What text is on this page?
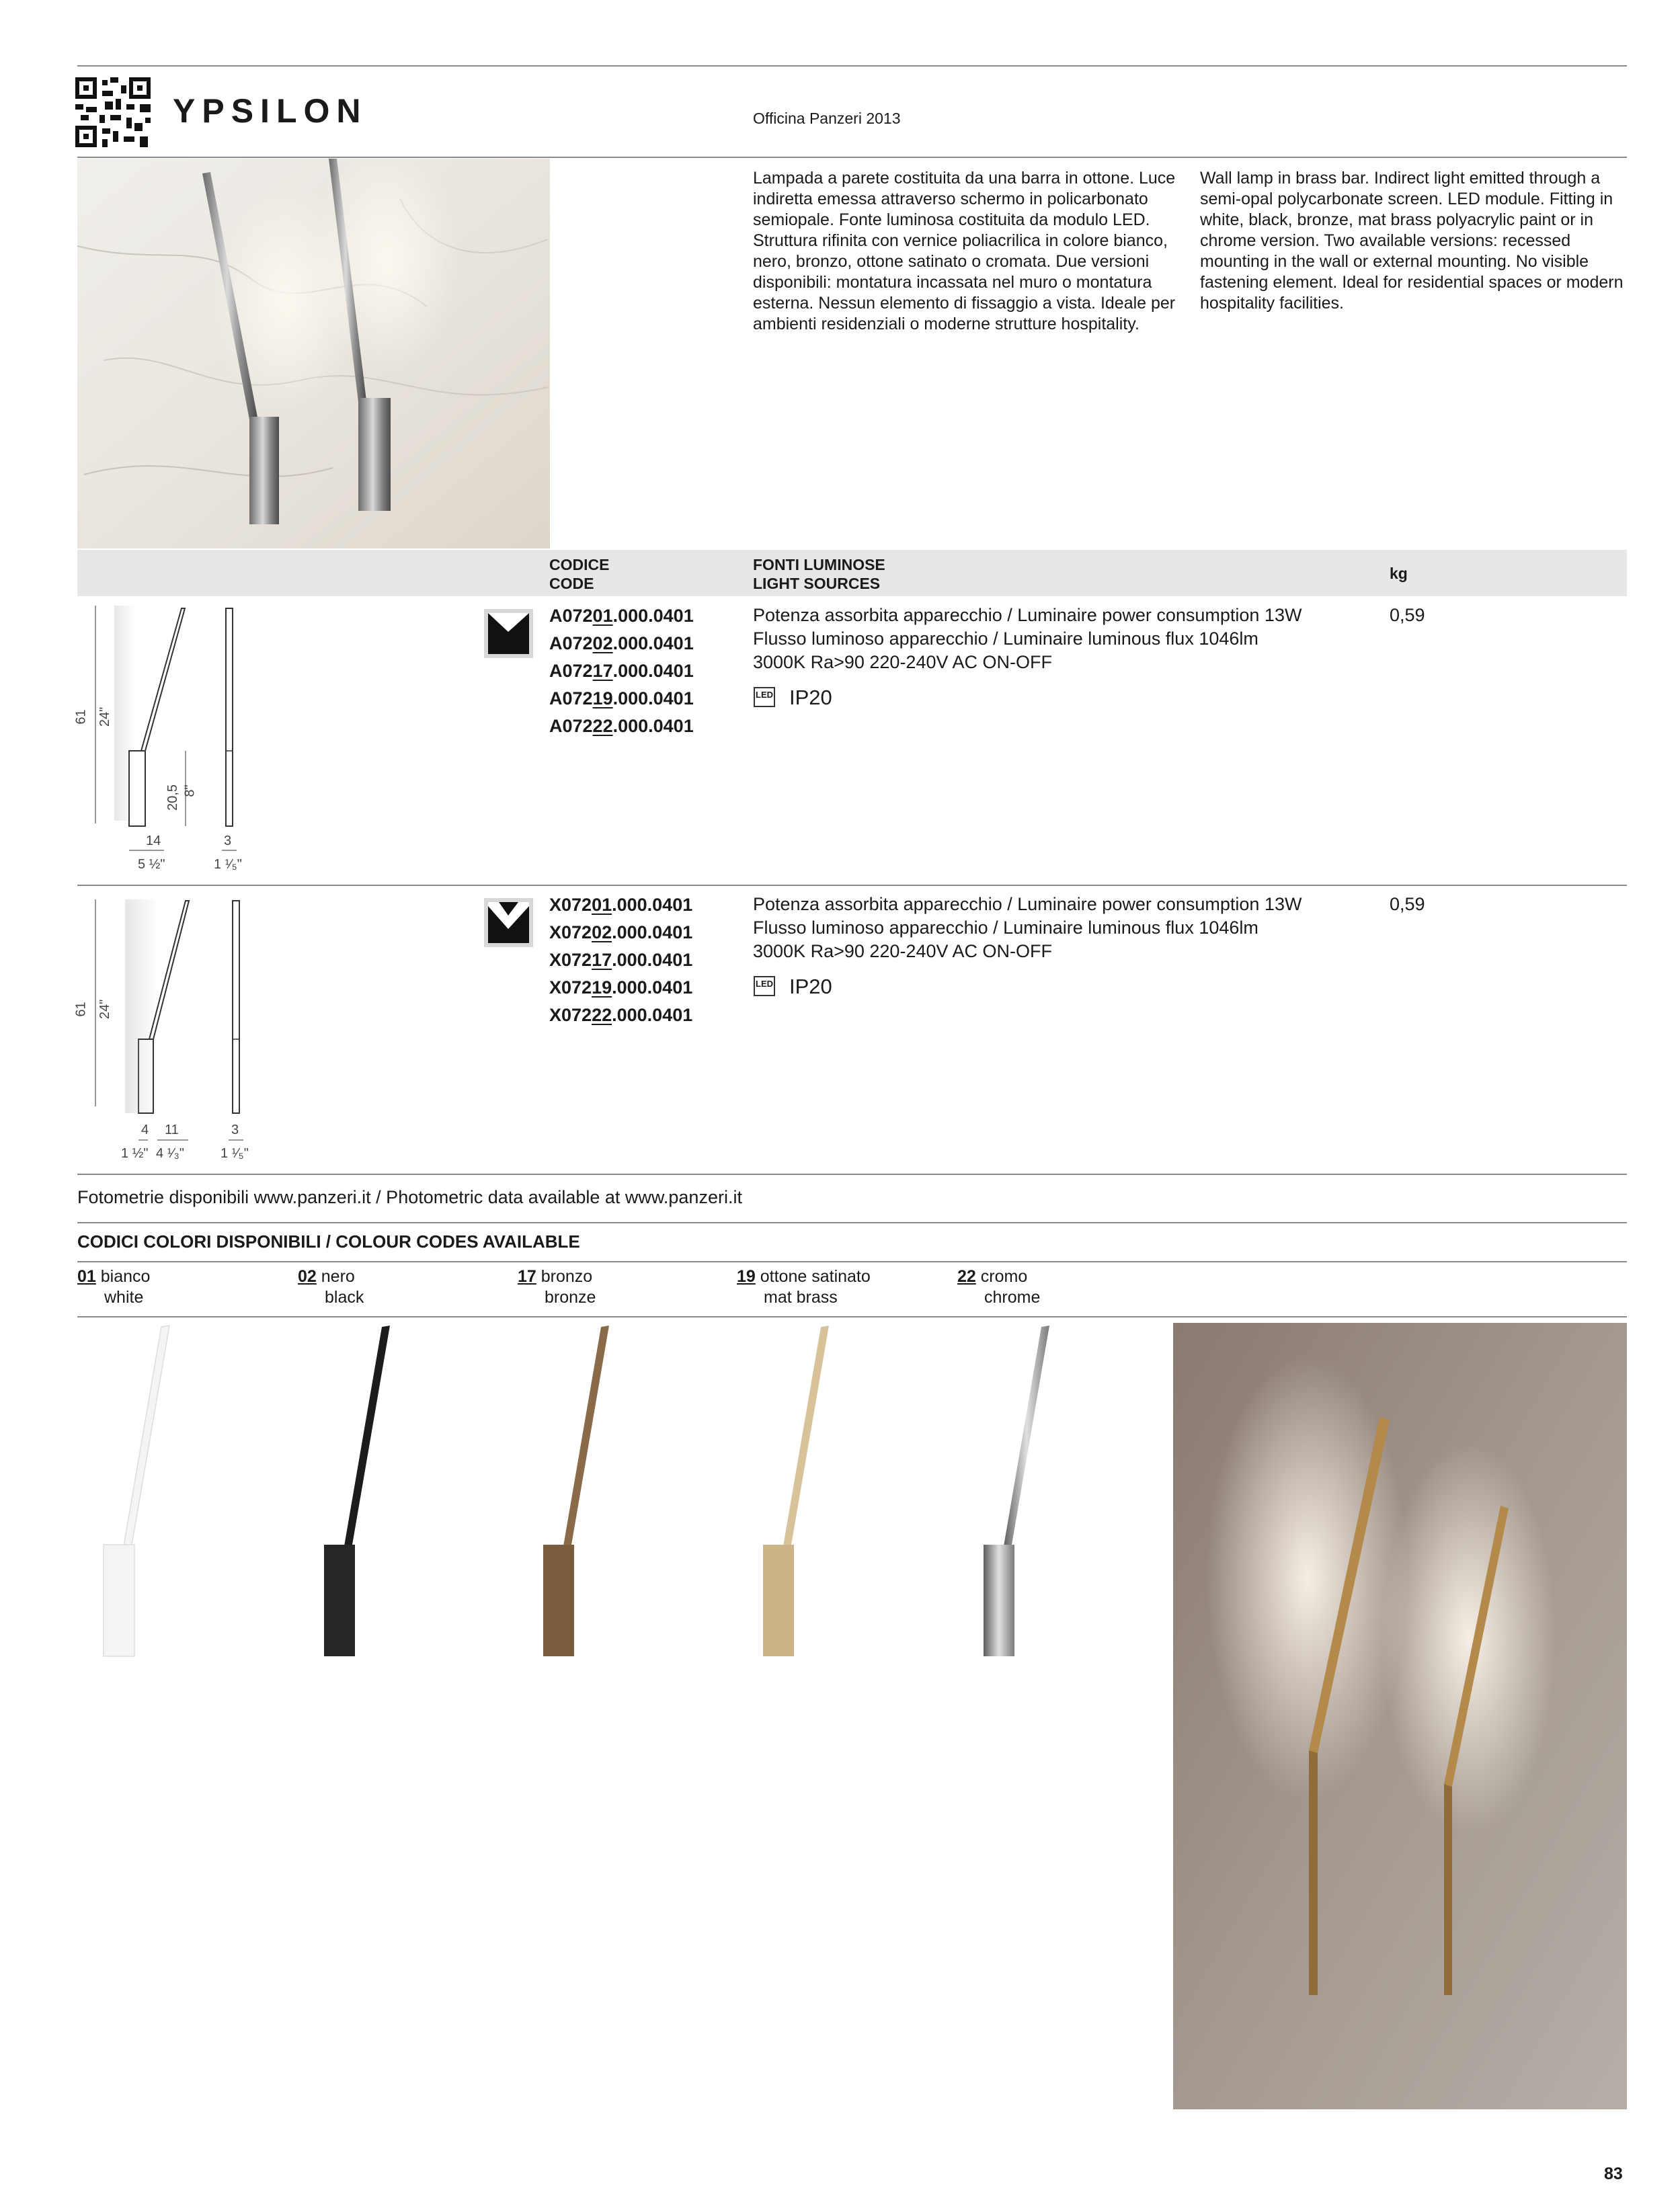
YPSILON	Officina Panzeri 2013
Lampada a parete costituita da una barra in ottone. Luce indiretta emessa attraverso schermo in policarbonato semiopale. Fonte luminosa costituita da modulo LED. Struttura rifinita con vernice poliacrilica in colore bianco, nero, bronzo, ottone satinato o cromata. Due versioni disponibili: montatura incassata nel muro o montatura esterna. Nessun elemento di fissaggio a vista. Ideale per ambienti residenziali o moderne strutture hospitality.
Wall lamp in brass bar. Indirect light emitted through a semi-opal polycarbonate screen. LED module. Fitting in white, black, bronze, mat brass polyacrylic paint or in chrome version. Two available versions: recessed mounting in the wall or external mounting. No visible fastening element. Ideal for residential spaces or modern hospitality facilities.
CODICE
CODE
FONTI LUMINOSE
LIGHT SOURCES
kg
61 24"
20,5 8"
14
5 ½"
3
1 ¹⁄₅"
A07201.000.0401
A07202.000.0401
A07217.000.0401
A07219.000.0401
A07222.000.0401
Potenza assorbita apparecchio / Luminaire power consumption 13W
Flusso luminoso apparecchio / Luminaire luminous flux 1046lm
3000K Ra>90 220-240V AC ON-OFF
LED IP20
0,59
61 24"
4
1 ½"
11
4 ¹⁄₃"
3
1 ¹⁄₅"
X07201.000.0401
X07202.000.0401
X07217.000.0401
X07219.000.0401
X07222.000.0401
Potenza assorbita apparecchio / Luminaire power consumption 13W
Flusso luminoso apparecchio / Luminaire luminous flux 1046lm
3000K Ra>90 220-240V AC ON-OFF
LED IP20
0,59
Fotometrie disponibili www.panzeri.it / Photometric data available at www.panzeri.it
CODICI COLORI DISPONIBILI / COLOUR CODES AVAILABLE
01 bianco
white
02 nero
black
17 bronzo
bronze
19 ottone satinato
mat brass
22 cromo
chrome
83
